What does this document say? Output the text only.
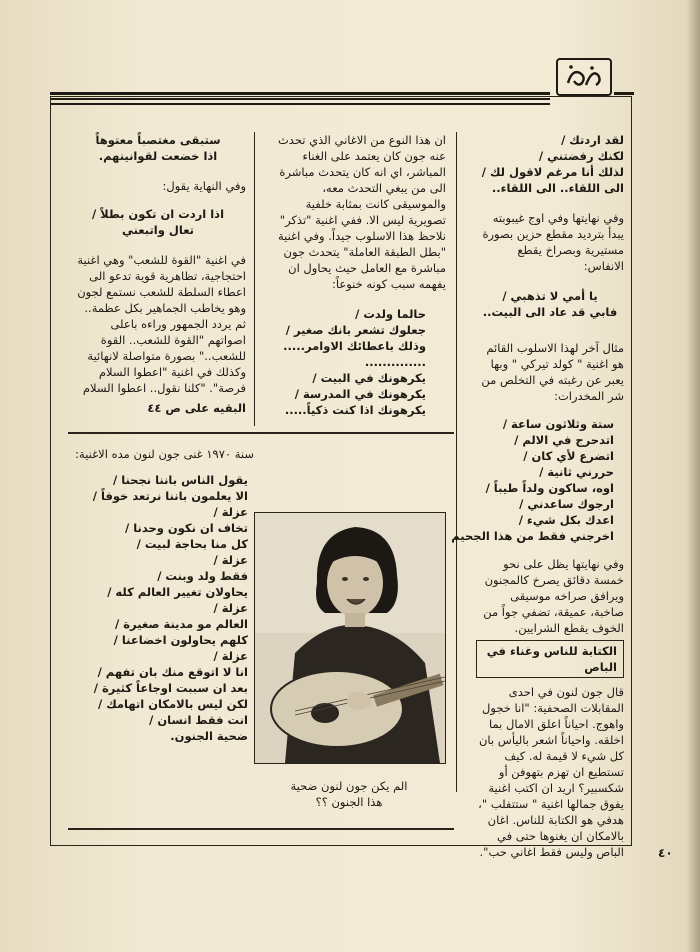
لقد اردتك /
لكنك رفضتني /
لذلك أنا مرغم لاقول لك /
الى اللقاء.. الى اللقاء..

وفي نهايتها وفي اوج غيبوبته يبدأ بترديد مقطع حزين بصورة مستيرية وبصراخ يقطع الانفاس:

يا أمي لا تذهبي /
فابي قد عاد الى البيت..

مثال آخر لهذا الاسلوب القائم هو اغنية " كولد تيركي " وبها يعبر عن رغبته في التخلص من شر المخدرات:

ستة وثلاثون ساعة /
اتدحرج في الالم /
اتضرع لأي كان /
حررني ثانية /
اوه، ساكون ولداً طيباً /
ارجوك ساعدني /
اعدك بكل شيء /
اخرجني فقط من هذا الجحيم

وفي نهايتها يظل على نحو خمسة دقائق يصرخ كالمجنون ويرافق صراخه موسيقى صاخبة، عميقة، تضفي جواً من الخوف يقطع الشرايين.

الكتابة للناس وغناء في الباص

قال جون لنون في احدى المقابلات الصحفية: "انا خجول واهوج. احياناً اعلق الامال بما اخلقه. واحياناً اشعر باليأس بان كل شيء لا قيمة له. كيف تستطيع ان تهزم بتهوفن أو شكسبير؟ اريد ان اكتب اغنية يفوق جمالها اغنية " ستتفلب "، هدفي هو الكتابة للناس. اغان بالامكان ان يغنوها حتى في الباص وليس فقط اغاني حب".

ان هذا النوع من الاغاني الذي تحدث عنه جون كان يعتمد على الغناء المباشر، اي انه كان يتحدث مباشرة الى من يبغي التحدث معه، والموسيقى كانت بمثابة خلفية تصويرية ليس الا. ففي اغنية "تذكر" نلاحظ هذا الاسلوب جيداً. وفي اغنية "بطل الطبقة العاملة" يتحدث جون مباشرة مع العامل حيث يحاول ان يفهمه سبب كونه خنوعاً:

حالما ولدت /
جعلوك تشعر بانك صغير /
وذلك باعطائك الاوامر.....
..............
يكرهونك في البيت /
يكرهونك في المدرسة /
يكرهونك اذا كنت ذكياً.....
ستبقى مغتصباً معتوهاً
اذا خضعت لقوانينهم.

وفي النهاية يقول:

اذا اردت ان تكون بطلاً /
تعال واتبعني

في اغنية "القوة للشعب" وهي اغنية احتجاجية، تظاهرية قوية تدعو الى اعطاء السلطة للشعب نستمع لجون وهو يخاطب الجماهير بكل عظمة.. ثم يردد الجمهور وراءه باعلى اصواتهم "القوة للشعب.. القوة للشعب.." بصورة متواصلة لانهائية وكذلك في اغنية "اعطوا السلام فرصة". "كلنا نقول.. اعطوا السلام

البقيه على ص ٤٤

سنة ١٩٧٠ غنى جون لنون مده الاغنية:

يقول الناس باننا نجحنا /
الا يعلمون باننا نرتعد خوفاً /
عزلة /
تخاف ان نكون وحدنا /
كل منا بحاجة لبيت /
عزلة /
فقط ولد وبنت /
يحاولان تغيير العالم كله /
عزلة /
العالم مو مدينة صغيرة /
كلهم يحاولون اخضاعنا /
عزلة /
انا لا اتوقع منك بان تفهم /
بعد ان سببت اوجاعاً كثيرة /
لكن ليس بالامكان اتهامك /
انت فقط انسان /
ضحية الجنون.
الم يكن جون لنون ضحية
هذا الجنون ؟؟
٤٠
